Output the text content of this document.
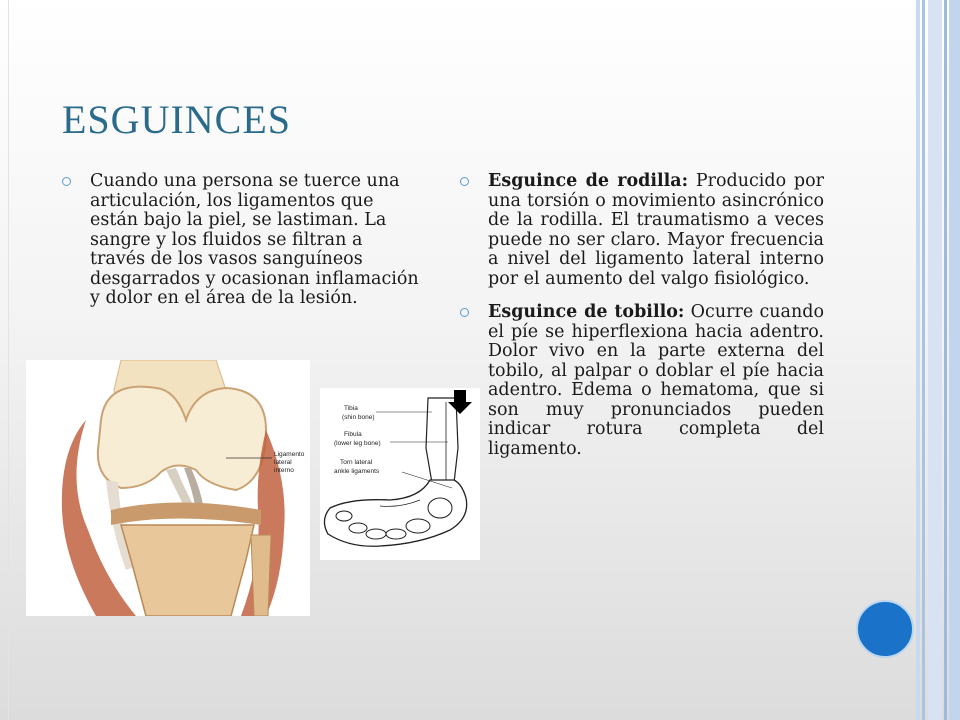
ESGUINCES
Cuando una persona se tuerce una articulación, los ligamentos que están bajo la piel, se lastiman. La sangre y los fluidos se filtran a través de los vasos sanguíneos desgarrados y ocasionan inflamación y dolor en el área de la lesión.
Esguince de rodilla: Producido por una torsión o movimiento asincrónico de la rodilla. El traumatismo a veces puede no ser claro. Mayor frecuencia a nivel del ligamento lateral interno por el aumento del valgo fisiológico.
Esguince de tobillo: Ocurre cuando el píe se hiperflexiona hacia adentro. Dolor vivo en la parte externa del tobilo, al palpar o doblar el píe hacia adentro. Edema o hematoma, que si son muy pronunciados pueden indicar rotura completa del ligamento.
Ligamento
lateral
interno
Tibia
(shin bone)
Fibula
(lower leg bone)
Torn lateral
ankle ligaments
